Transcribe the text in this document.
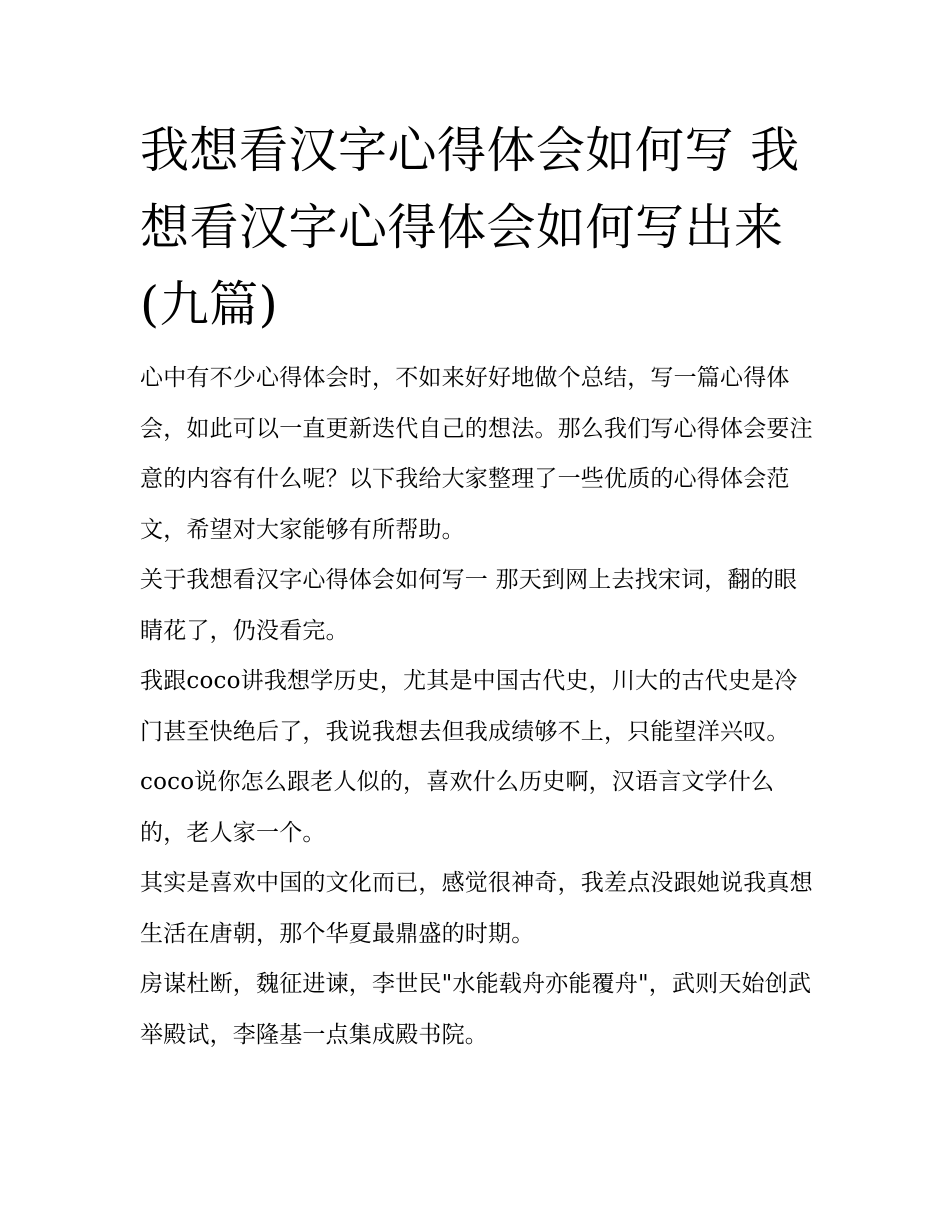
我想看汉字心得体会如何写 我想看汉字心得体会如何写出来(九篇)

心中有不少心得体会时，不如来好好地做个总结，写一篇心得体会，如此可以一直更新迭代自己的想法。那么我们写心得体会要注意的内容有什么呢？以下我给大家整理了一些优质的心得体会范文，希望对大家能够有所帮助。

关于我想看汉字心得体会如何写一 那天到网上去找宋词，翻的眼睛花了，仍没看完。

我跟coco讲我想学历史，尤其是中国古代史，川大的古代史是冷门甚至快绝后了，我说我想去但我成绩够不上，只能望洋兴叹。

coco说你怎么跟老人似的，喜欢什么历史啊，汉语言文学什么的，老人家一个。

其实是喜欢中国的文化而已，感觉很神奇，我差点没跟她说我真想生活在唐朝，那个华夏最鼎盛的时期。

房谋杜断，魏征进谏，李世民"水能载舟亦能覆舟"，武则天始创武举殿试，李隆基一点集成殿书院。
